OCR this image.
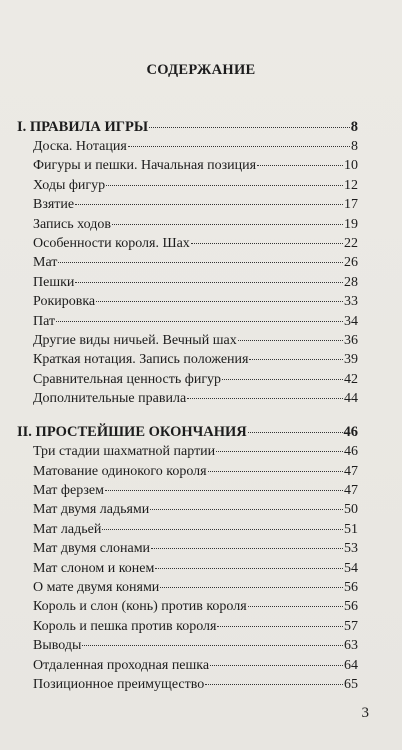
СОДЕРЖАНИЕ
I. ПРАВИЛА ИГРЫ	8
Доска. Нотация	8
Фигуры и пешки. Начальная позиция	10
Ходы фигур	12
Взятие	17
Запись ходов	19
Особенности короля. Шах	22
Мат	26
Пешки	28
Рокировка	33
Пат	34
Другие виды ничьей. Вечный шах	36
Краткая нотация. Запись положения	39
Сравнительная ценность фигур	42
Дополнительные правила	44
II. ПРОСТЕЙШИЕ ОКОНЧАНИЯ	46
Три стадии шахматной партии	46
Матование одинокого короля	47
Мат ферзем	47
Мат двумя ладьями	50
Мат ладьей	51
Мат двумя слонами	53
Мат слоном и конем	54
О мате двумя конями	56
Король и слон (конь) против короля	56
Король и пешка против короля	57
Выводы	63
Отдаленная проходная пешка	64
Позиционное преимущество	65
3
